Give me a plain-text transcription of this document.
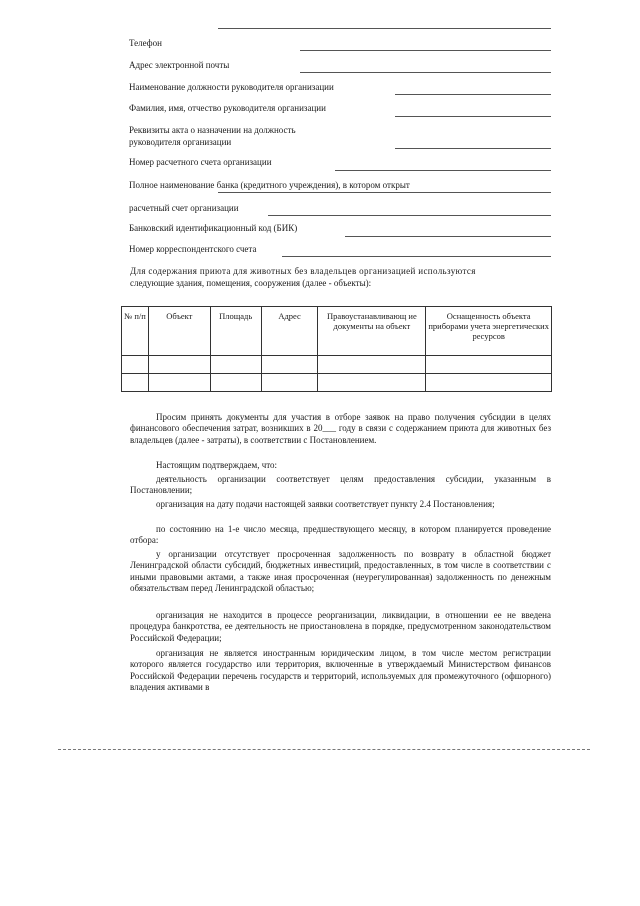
Телефон
Адрес электронной почты
Наименование должности руководителя организации
Фамилия, имя, отчество руководителя организации
Реквизиты акта о назначении на должность
руководителя организации
Номер расчетного счета организации
Полное наименование банка (кредитного учреждения), в котором открыт
расчетный счет организации
Банковский идентификационный код (БИК)
Номер корреспондентского счета
Для содержания приюта для животных без владельцев организацией используются
следующие здания, помещения, сооружения (далее - объекты):
№ п/п	Объект	Площадь	Адрес	Правоустанавливающ ие документы на объект	Оснащенность объекта приборами учета энергетических ресурсов

Просим принять документы для участия в отборе заявок на право получения субсидии в целях финансового обеспечения затрат, возникших в 20___ году в связи с содержанием приюта для животных без владельцев (далее - затраты), в соответствии с Постановлением.
Настоящим подтверждаем, что:
деятельность организации соответствует целям предоставления субсидии, указанным в Постановлении;
организация на дату подачи настоящей заявки соответствует пункту 2.4 Постановления;
по состоянию на 1-е число месяца, предшествующего месяцу, в котором планируется проведение отбора:
у организации отсутствует просроченная задолженность по возврату в областной бюджет Ленинградской области субсидий, бюджетных инвестиций, предоставленных, в том числе в соответствии с иными правовыми актами, а также иная просроченная (неурегулированная) задолженность по денежным обязательствам перед Ленинградской областью;
организация не находится в процессе реорганизации, ликвидации, в отношении ее не введена процедура банкротства, ее деятельность не приостановлена в порядке, предусмотренном законодательством Российской Федерации;
организация не является иностранным юридическим лицом, в том числе местом регистрации которого является государство или территория, включенные в утверждаемый Министерством финансов Российской Федерации перечень государств и территорий, используемых для промежуточного (офшорного) владения активами в
